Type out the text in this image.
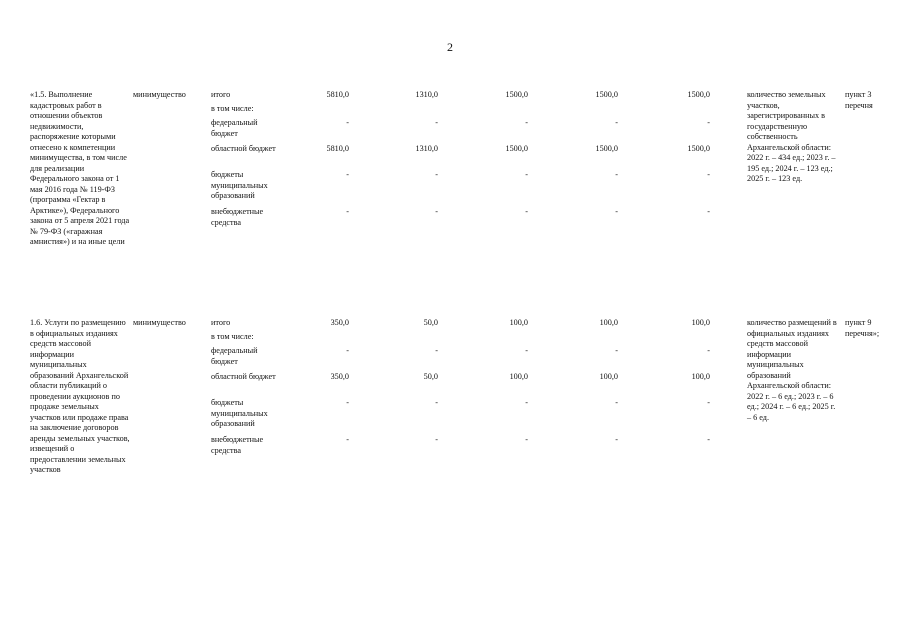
2
«1.5. Выполнение кадастровых работ в отношении объектов недвижимости, распоряжение которыми отнесено к компетенции минимущества, в том числе для реализации Федерального закона от 1 мая 2016 года № 119-ФЗ (программа «Гектар в Арктике»), Федерального закона от 5 апреля 2021 года № 79-ФЗ («гаражная амнистия») и на иные цели
минимущество	итого
в том числе:
федеральный бюджет
областной бюджет
бюджеты муниципальных образований
внебюджетные средства
5810,0
-
5810,0
-
-
1310,0
-
1310,0
-
-
1500,0
-
1500,0
-
-
1500,0
-
1500,0
-
-
1500,0
-
1500,0
-
-
количество земельных участков, зарегистрированных в государственную собственность Архангельской области: 2022 г. – 434 ед.; 2023 г. – 195 ед.; 2024 г. – 123 ед.; 2025 г. – 123 ед.
пункт 3 перечня
1.6. Услуги по размещению в официальных изданиях средств массовой информации муниципальных образований Архангельской области публикаций о проведении аукционов по продаже земельных участков или продаже права на заключение договоров аренды земельных участков, извещений о предоставлении земельных участков
минимущество	итого
в том числе:
федеральный бюджет
областной бюджет
бюджеты муниципальных образований
внебюджетные средства
350,0
-
350,0
-
-
50,0
-
50,0
-
-
100,0
-
100,0
-
-
100,0
-
100,0
-
-
100,0
-
100,0
-
-
количество размещений в официальных изданиях средств массовой информации муниципальных образований Архангельской области: 2022 г. – 6 ед.; 2023 г. – 6 ед.; 2024 г. – 6 ед.; 2025 г. – 6 ед.
пункт 9 перечня»;
